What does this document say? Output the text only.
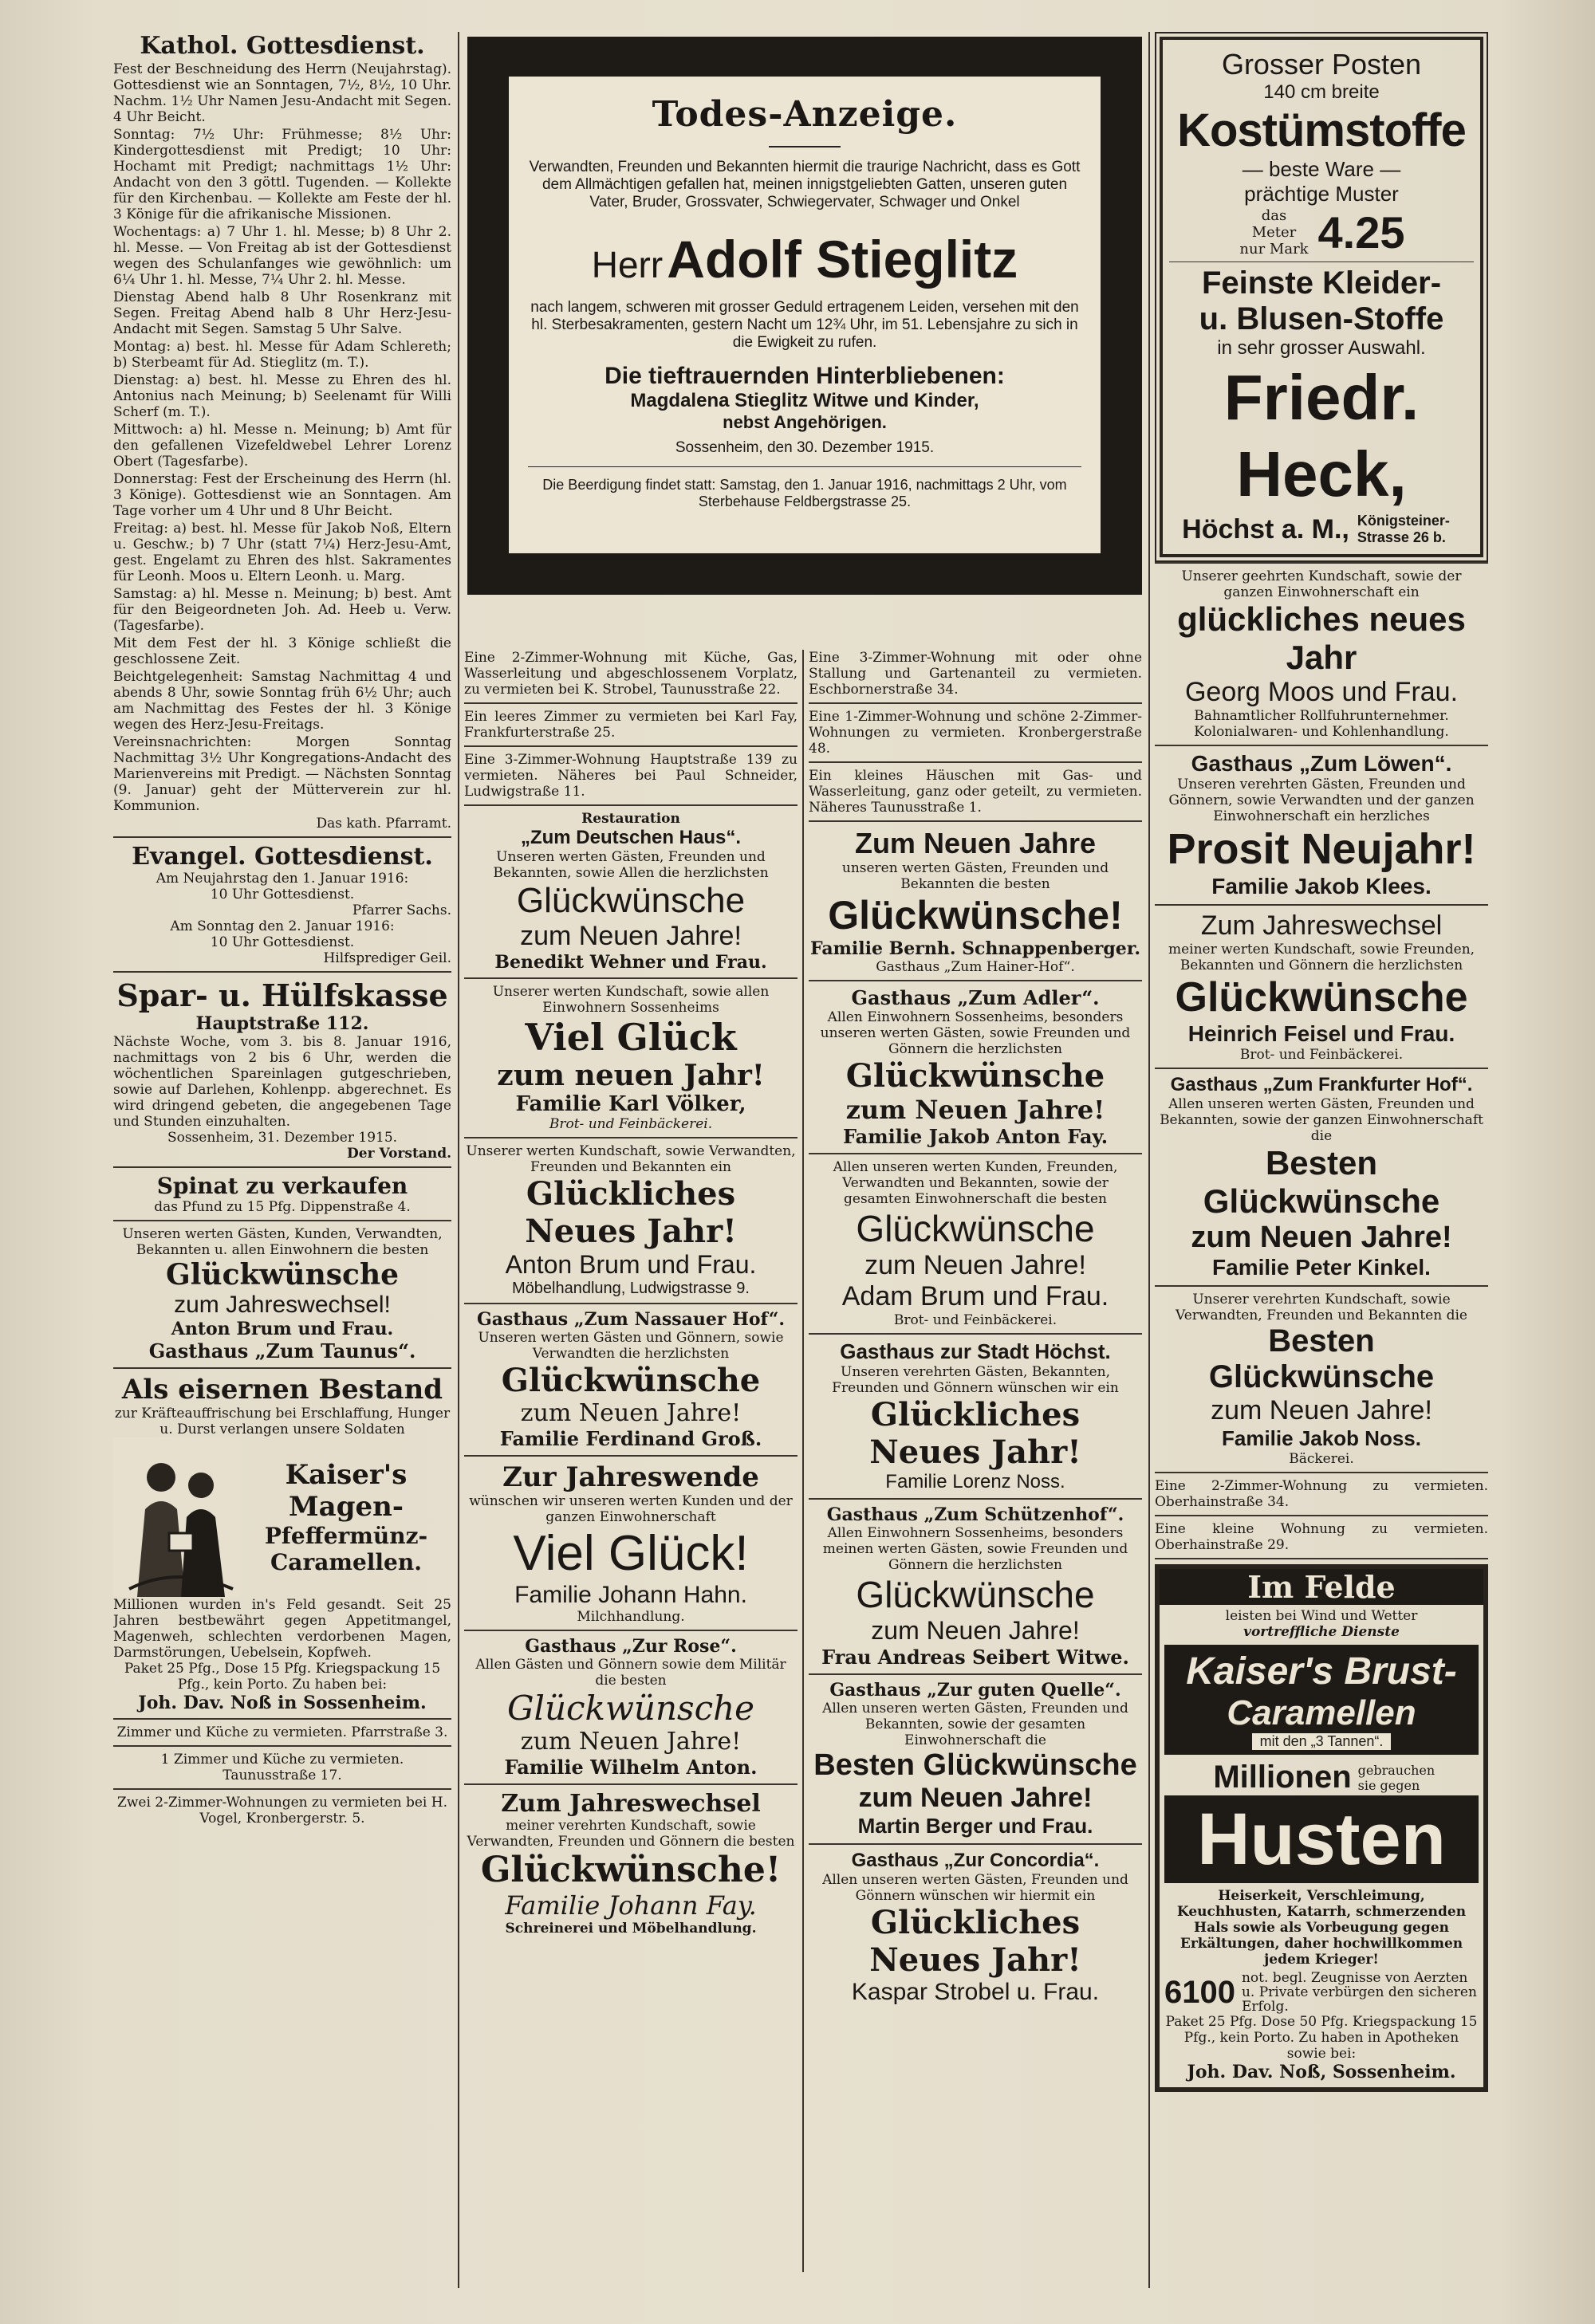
Kathol. Gottesdienst.

Fest der Beschneidung des Herrn (Neujahrstag). Gottesdienst wie an Sonntagen, 7½, 8½, 10 Uhr. Nachm. 1½ Uhr Namen Jesu-Andacht mit Segen. 4 Uhr Beicht.

Sonntag: 7½ Uhr: Frühmesse; 8½ Uhr: Kindergottesdienst mit Predigt; 10 Uhr: Hochamt mit Predigt; nachmittags 1½ Uhr: Andacht von den 3 göttl. Tugenden. — Kollekte für den Kirchenbau. — Kollekte am Feste der hl. 3 Könige für die afrikanische Missionen.

Wochentags: a) 7 Uhr 1. hl. Messe; b) 8 Uhr 2. hl. Messe. — Von Freitag ab ist der Gottesdienst wegen des Schulanfanges wie gewöhnlich: um 6¼ Uhr 1. hl. Messe, 7¼ Uhr 2. hl. Messe.

Dienstag Abend halb 8 Uhr Rosenkranz mit Segen. Freitag Abend halb 8 Uhr Herz-Jesu-Andacht mit Segen. Samstag 5 Uhr Salve.

Montag: a) best. hl. Messe für Adam Schlereth; b) Sterbeamt für Ad. Stieglitz (m. T.).

Dienstag: a) best. hl. Messe zu Ehren des hl. Antonius nach Meinung; b) Seelenamt für Willi Scherf (m. T.).

Mittwoch: a) hl. Messe n. Meinung; b) Amt für den gefallenen Vizefeldwebel Lehrer Lorenz Obert (Tagesfarbe).

Donnerstag: Fest der Erscheinung des Herrn (hl. 3 Könige). Gottesdienst wie an Sonntagen. Am Tage vorher um 4 Uhr und 8 Uhr Beicht.

Freitag: a) best. hl. Messe für Jakob Noß, Eltern u. Geschw.; b) 7 Uhr (statt 7¼) Herz-Jesu-Amt, gest. Engelamt zu Ehren des hlst. Sakramentes für Leonh. Moos u. Eltern Leonh. u. Marg.

Samstag: a) hl. Messe n. Meinung; b) best. Amt für den Beigeordneten Joh. Ad. Heeb u. Verw. (Tagesfarbe).

Mit dem Fest der hl. 3 Könige schließt die geschlossene Zeit.

Beichtgelegenheit: Samstag Nachmittag 4 und abends 8 Uhr, sowie Sonntag früh 6½ Uhr; auch am Nachmittag des Festes der hl. 3 Könige wegen des Herz-Jesu-Freitags.

Vereinsnachrichten: Morgen Sonntag Nachmittag 3½ Uhr Kongregations-Andacht des Marienvereins mit Predigt. — Nächsten Sonntag (9. Januar) geht der Mütterverein zur hl. Kommunion.

Das kath. Pfarramt.
Evangel. Gottesdienst.
Am Neujahrstag den 1. Januar 1916:
10 Uhr Gottesdienst.
Pfarrer Sachs.
Am Sonntag den 2. Januar 1916:
10 Uhr Gottesdienst.
Hilfsprediger Geil.
Spar- u. Hülfskasse
Hauptstraße 112.
Nächste Woche, vom 3. bis 8. Januar 1916, nachmittags von 2 bis 6 Uhr, werden die wöchentlichen Spareinlagen gutgeschrieben, sowie auf Darlehen, Kohlenpp. abgerechnet. Es wird dringend gebeten, die angegebenen Tage und Stunden einzuhalten.
Sossenheim, 31. Dezember 1915.
Der Vorstand.
Spinat zu verkaufen
das Pfund zu 15 Pfg. Dippenstraße 4.
Unseren werten Gästen, Kunden, Verwandten, Bekannten u. allen Einwohnern die besten
Glückwünsche
zum Jahreswechsel!
Anton Brum und Frau.
Gasthaus „Zum Taunus“.
Als eisernen Bestand
zur Kräfteauffrischung bei Erschlaffung, Hunger u. Durst verlangen unsere Soldaten
Kaiser's
Magen-
Pfeffermünz-
Caramellen.
Millionen wurden in's Feld gesandt. Seit 25 Jahren bestbewährt gegen Appetitmangel, Magenweh, schlechten verdorbenen Magen, Darmstörungen, Uebelsein, Kopfweh.
Paket 25 Pfg., Dose 15 Pfg. Kriegspackung 15 Pfg., kein Porto. Zu haben bei:
Joh. Dav. Noß in Sossenheim.
Zimmer und Küche zu vermieten. Pfarrstraße 3.
1 Zimmer und Küche zu vermieten. Taunusstraße 17.
Zwei 2-Zimmer-Wohnungen zu vermieten bei H. Vogel, Kronbergerstr. 5.
Todes-Anzeige.
Verwandten, Freunden und Bekannten hiermit die traurige Nachricht, dass es Gott dem Allmächtigen gefallen hat, meinen innigstgeliebten Gatten, unseren guten Vater, Bruder, Grossvater, Schwiegervater, Schwager und Onkel
Herr Adolf Stieglitz
nach langem, schweren mit grosser Geduld ertragenem Leiden, versehen mit den hl. Sterbesakramenten, gestern Nacht um 12¾ Uhr, im 51. Lebensjahre zu sich in die Ewigkeit zu rufen.
Die tieftrauernden Hinterbliebenen:
Magdalena Stieglitz Witwe und Kinder,
nebst Angehörigen.
Sossenheim, den 30. Dezember 1915.
Die Beerdigung findet statt: Samstag, den 1. Januar 1916, nachmittags 2 Uhr, vom Sterbehause Feldbergstrasse 25.
Eine 2-Zimmer-Wohnung mit Küche, Gas, Wasserleitung und abgeschlossenem Vorplatz, zu vermieten bei K. Strobel, Taunusstraße 22.
Ein leeres Zimmer zu vermieten bei Karl Fay, Frankfurterstraße 25.
Eine 3-Zimmer-Wohnung Hauptstraße 139 zu vermieten. Näheres bei Paul Schneider, Ludwigstraße 11.
Restauration
„Zum Deutschen Haus“.
Unseren werten Gästen, Freunden und Bekannten, sowie Allen die herzlichsten
Glückwünsche
zum Neuen Jahre!
Benedikt Wehner und Frau.
Unserer werten Kundschaft, sowie allen Einwohnern Sossenheims
Viel Glück
zum neuen Jahr!
Familie Karl Völker,
Brot- und Feinbäckerei.
Unserer werten Kundschaft, sowie Verwandten, Freunden und Bekannten ein
Glückliches
Neues Jahr!
Anton Brum und Frau.
Möbelhandlung, Ludwigstrasse 9.
Gasthaus „Zum Nassauer Hof“.
Unseren werten Gästen und Gönnern, sowie Verwandten die herzlichsten
Glückwünsche
zum Neuen Jahre!
Familie Ferdinand Groß.
Zur Jahreswende
wünschen wir unseren werten Kunden und der ganzen Einwohnerschaft
Viel Glück!
Familie Johann Hahn.
Milchhandlung.
Gasthaus „Zur Rose“.
Allen Gästen und Gönnern sowie dem Militär die besten
Glückwünsche
zum Neuen Jahre!
Familie Wilhelm Anton.
Zum Jahreswechsel
meiner verehrten Kundschaft, sowie Verwandten, Freunden und Gönnern die besten
Glückwünsche!
Familie Johann Fay.
Schreinerei und Möbelhandlung.
Eine 3-Zimmer-Wohnung mit oder ohne Stallung und Gartenanteil zu vermieten. Eschbornerstraße 34.
Eine 1-Zimmer-Wohnung und schöne 2-Zimmer-Wohnungen zu vermieten. Kronbergerstraße 48.
Ein kleines Häuschen mit Gas- und Wasserleitung, ganz oder geteilt, zu vermieten. Näheres Taunusstraße 1.
Zum Neuen Jahre
unseren werten Gästen, Freunden und Bekannten die besten
Glückwünsche!
Familie Bernh. Schnappenberger.
Gasthaus „Zum Hainer-Hof“.
Gasthaus „Zum Adler“.
Allen Einwohnern Sossenheims, besonders unseren werten Gästen, sowie Freunden und Gönnern die herzlichsten
Glückwünsche
zum Neuen Jahre!
Familie Jakob Anton Fay.
Allen unseren werten Kunden, Freunden, Verwandten und Bekannten, sowie der gesamten Einwohnerschaft die besten
Glückwünsche
zum Neuen Jahre!
Adam Brum und Frau.
Brot- und Feinbäckerei.
Gasthaus zur Stadt Höchst.
Unseren verehrten Gästen, Bekannten, Freunden und Gönnern wünschen wir ein
Glückliches
Neues Jahr!
Familie Lorenz Noss.
Gasthaus „Zum Schützenhof“.
Allen Einwohnern Sossenheims, besonders meinen werten Gästen, sowie Freunden und Gönnern die herzlichsten
Glückwünsche
zum Neuen Jahre!
Frau Andreas Seibert Witwe.
Gasthaus „Zur guten Quelle“.
Allen unseren werten Gästen, Freunden und Bekannten, sowie der gesamten Einwohnerschaft die
Besten Glückwünsche
zum Neuen Jahre!
Martin Berger und Frau.
Gasthaus „Zur Concordia“.
Allen unseren werten Gästen, Freunden und Gönnern wünschen wir hiermit ein
Glückliches
Neues Jahr!
Kaspar Strobel u. Frau.
Grosser Posten
140 cm breite
Kostümstoffe
— beste Ware —
prächtige Muster
das Meter nur Mark 4.25
Feinste Kleider-
u. Blusen-Stoffe
in sehr grosser Auswahl.
Friedr. Heck,
Höchst a. M., Königsteiner-Strasse 26 b.
Unserer geehrten Kundschaft, sowie der ganzen Einwohnerschaft ein
glückliches neues Jahr
Georg Moos und Frau.
Bahnamtlicher Rollfuhrunternehmer.
Kolonialwaren- und Kohlenhandlung.
Gasthaus „Zum Löwen“.
Unseren verehrten Gästen, Freunden und Gönnern, sowie Verwandten und der ganzen Einwohnerschaft ein herzliches
Prosit Neujahr!
Familie Jakob Klees.
Zum Jahreswechsel
meiner werten Kundschaft, sowie Freunden, Bekannten und Gönnern die herzlichsten
Glückwünsche
Heinrich Feisel und Frau.
Brot- und Feinbäckerei.
Gasthaus „Zum Frankfurter Hof“.
Allen unseren werten Gästen, Freunden und Bekannten, sowie der ganzen Einwohnerschaft die
Besten Glückwünsche
zum Neuen Jahre!
Familie Peter Kinkel.
Unserer verehrten Kundschaft, sowie Verwandten, Freunden und Bekannten die
Besten Glückwünsche
zum Neuen Jahre!
Familie Jakob Noss.
Bäckerei.
Eine 2-Zimmer-Wohnung zu vermieten. Oberhainstraße 34.
Eine kleine Wohnung zu vermieten. Oberhainstraße 29.
Im Felde
leisten bei Wind und Wetter
vortreffliche Dienste
Kaiser's Brust-
Caramellen
mit den „3 Tannen“.
Millionen gebrauchen sie gegen
Husten
Heiserkeit, Verschleimung, Keuchhusten, Katarrh, schmerzenden Hals sowie als Vorbeugung gegen Erkältungen, daher hochwillkommen jedem Krieger!
6100 not. begl. Zeugnisse von Aerzten u. Private verbürgen den sicheren Erfolg.
Paket 25 Pfg. Dose 50 Pfg. Kriegspackung 15 Pfg., kein Porto. Zu haben in Apotheken sowie bei:
Joh. Dav. Noß, Sossenheim.
